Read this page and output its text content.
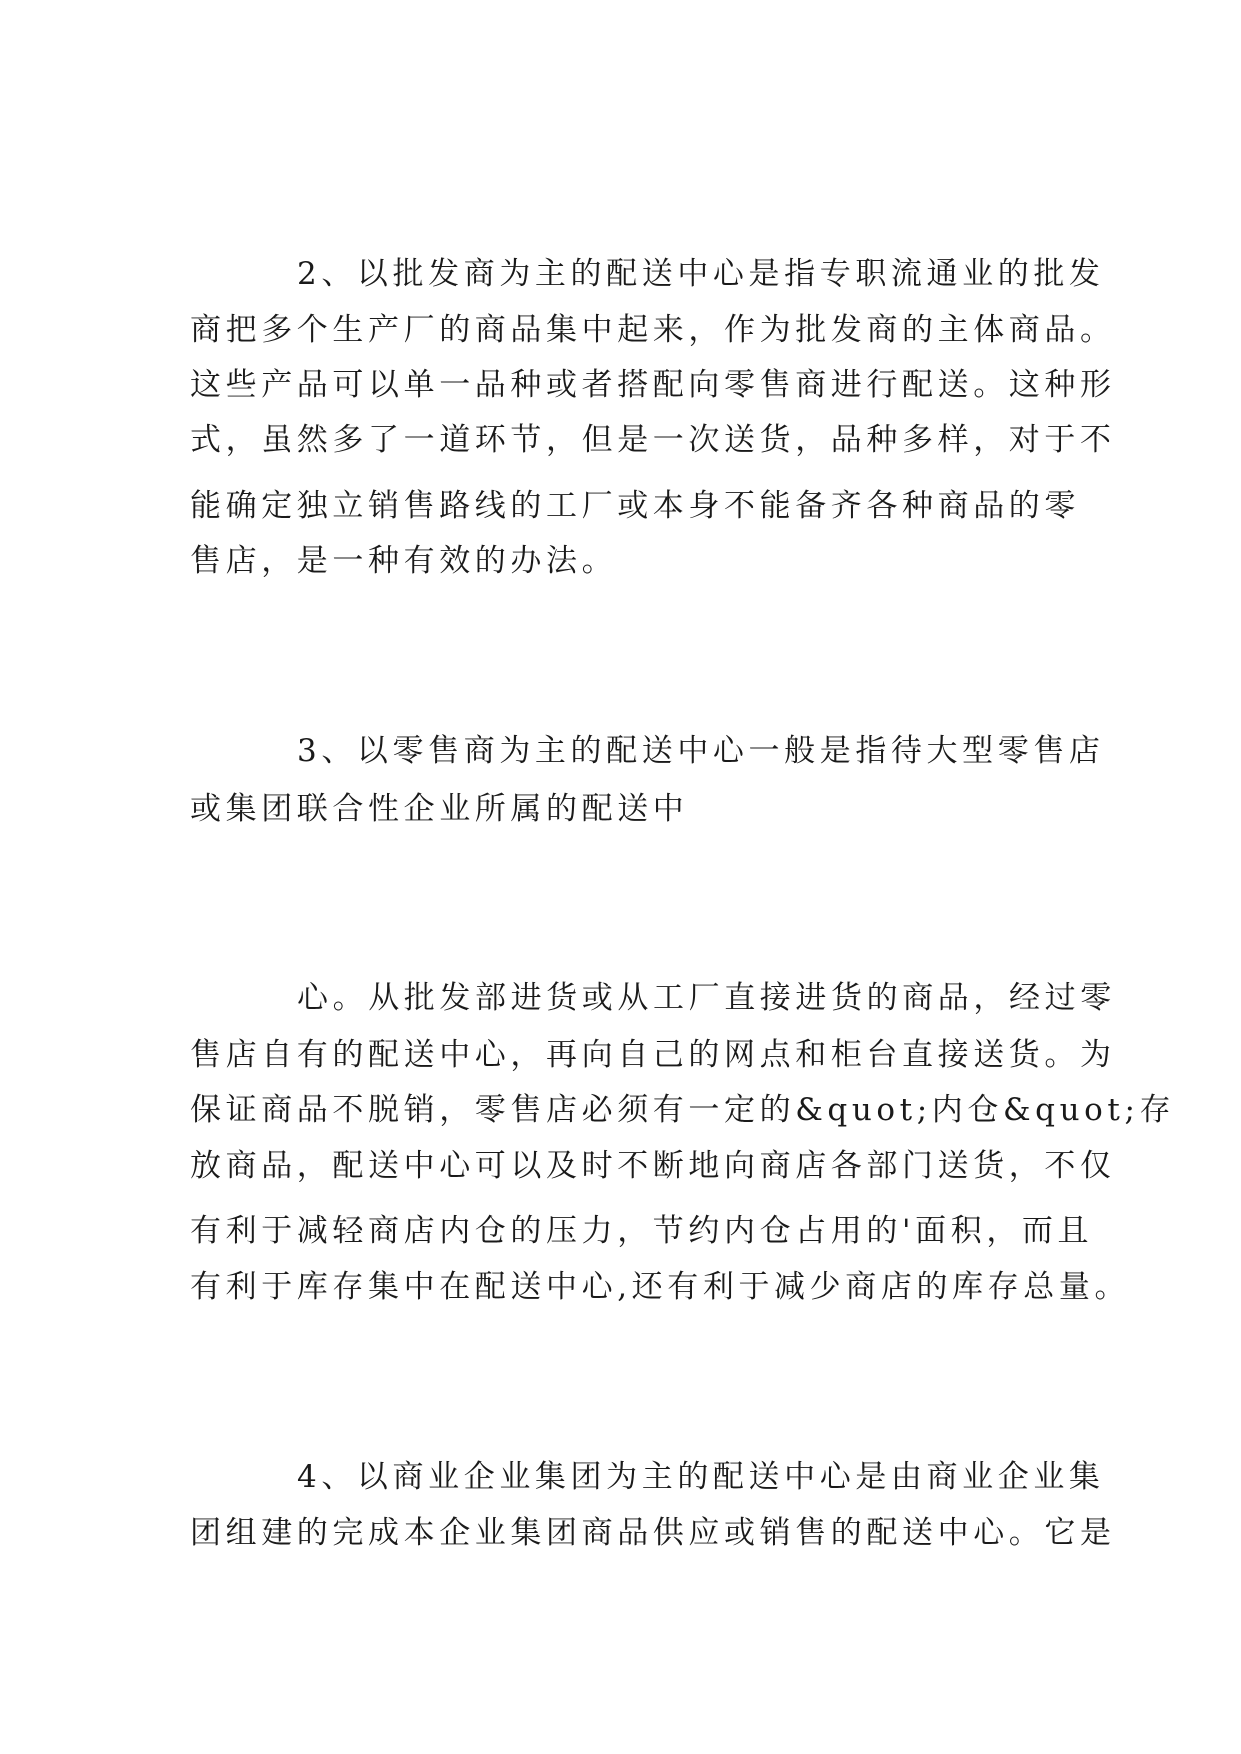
2、以批发商为主的配送中心是指专职流通业的批发
商把多个生产厂的商品集中起来，作为批发商的主体商品。
这些产品可以单一品种或者搭配向零售商进行配送。这种形
式，虽然多了一道环节，但是一次送货，品种多样，对于不
能确定独立销售路线的工厂或本身不能备齐各种商品的零
售店，是一种有效的办法。
3、以零售商为主的配送中心一般是指待大型零售店
或集团联合性企业所属的配送中
心。从批发部进货或从工厂直接进货的商品，经过零
售店自有的配送中心，再向自己的网点和柜台直接送货。为
保证商品不脱销，零售店必须有一定的&quot;内仓&quot;存
放商品，配送中心可以及时不断地向商店各部门送货，不仅
有利于减轻商店内仓的压力，节约内仓占用的'面积，而且
有利于库存集中在配送中心,还有利于减少商店的库存总量。
4、以商业企业集团为主的配送中心是由商业企业集
团组建的完成本企业集团商品供应或销售的配送中心。它是
